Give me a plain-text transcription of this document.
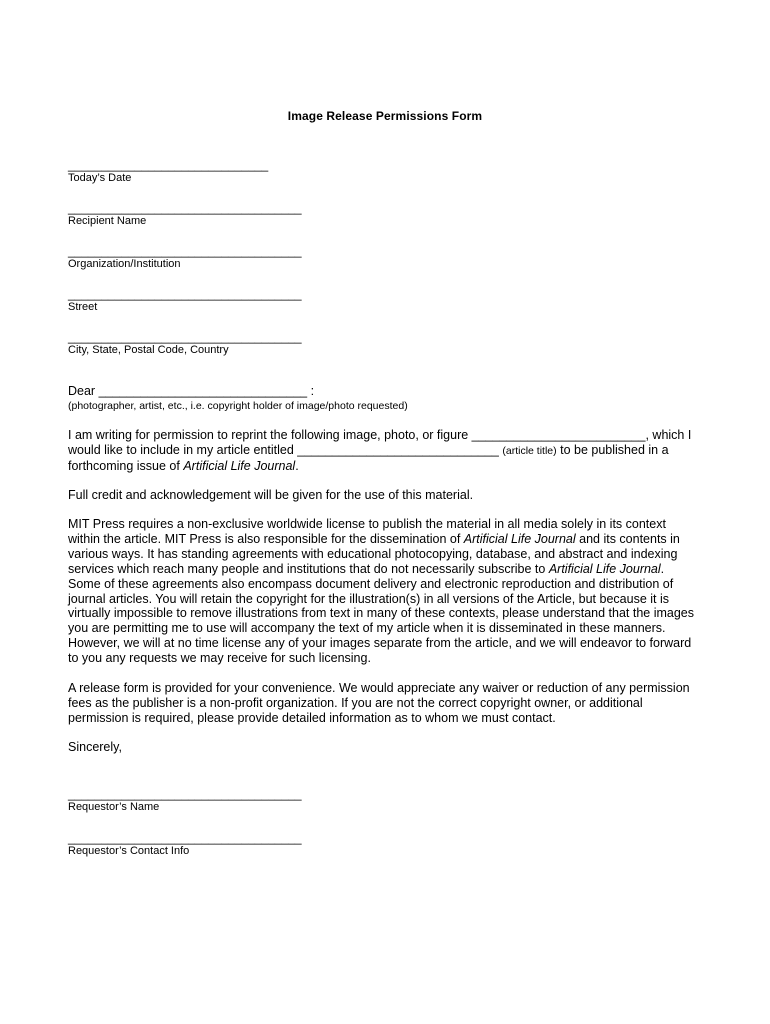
Image Release Permissions Form
______________________________
Today’s Date
___________________________________
Recipient Name
___________________________________
Organization/Institution
___________________________________
Street
___________________________________
City, State, Postal Code, Country
Dear ______________________________ :
(photographer, artist, etc., i.e. copyright holder of image/photo requested)
I am writing for permission to reprint the following image, photo, or figure _________________________, which I would like to include in my article entitled _____________________________ (article title) to be published in a forthcoming issue of Artificial Life Journal.
Full credit and acknowledgement will be given for the use of this material.
MIT Press requires a non-exclusive worldwide license to publish the material in all media solely in its context within the article. MIT Press is also responsible for the dissemination of Artificial Life Journal and its contents in various ways. It has standing agreements with educational photocopying, database, and abstract and indexing services which reach many people and institutions that do not necessarily subscribe to Artificial Life Journal. Some of these agreements also encompass document delivery and electronic reproduction and distribution of journal articles. You will retain the copyright for the illustration(s) in all versions of the Article, but because it is virtually impossible to remove illustrations from text in many of these contexts, please understand that the images you are permitting me to use will accompany the text of my article when it is disseminated in these manners. However, we will at no time license any of your images separate from the article, and we will endeavor to forward to you any requests we may receive for such licensing.
A release form is provided for your convenience. We would appreciate any waiver or reduction of any permission fees as the publisher is a non-profit organization. If you are not the correct copyright owner, or additional permission is required, please provide detailed information as to whom we must contact.
Sincerely,
___________________________________
Requestor’s Name
___________________________________
Requestor’s Contact Info
